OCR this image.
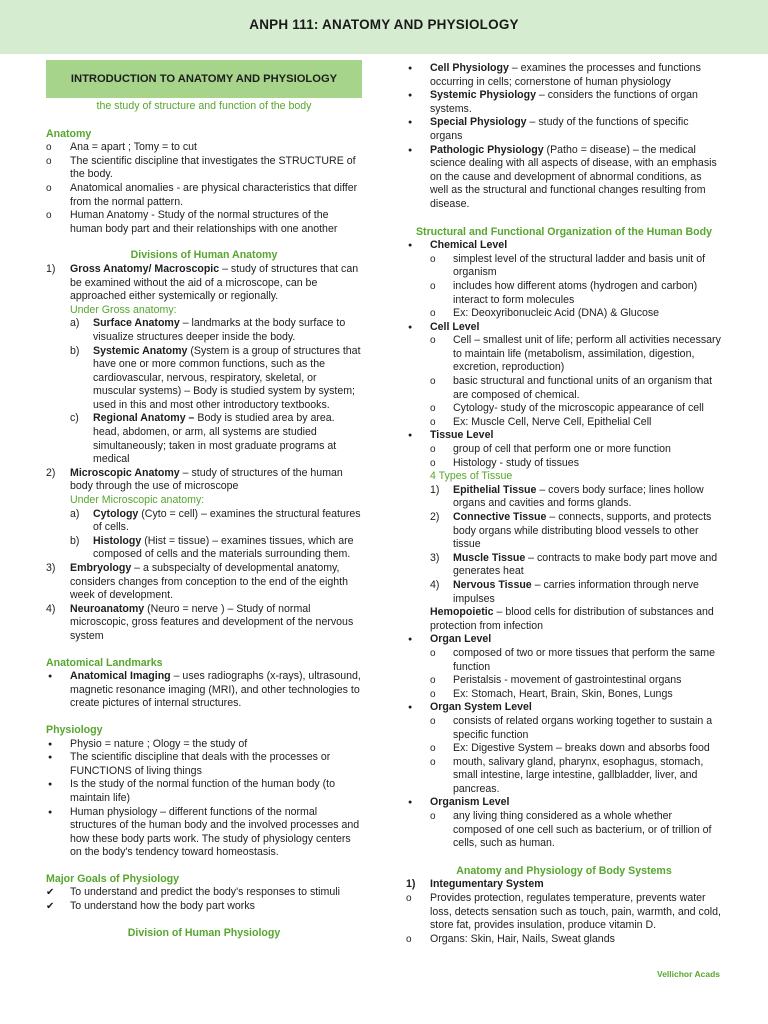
ANPH 111: ANATOMY AND PHYSIOLOGY
INTRODUCTION TO ANATOMY AND PHYSIOLOGY
the study of structure and function of the body
Anatomy
o
Ana = apart ; Tomy = to cut
o
The scientific discipline that investigates the STRUCTURE of the body.
o
Anatomical anomalies - are physical characteristics that differ from the normal pattern.
o
Human Anatomy - Study of the normal structures of the human body part and their relationships with one another
Divisions of Human Anatomy
1)	Gross Anatomy/ Macroscopic – study of structures that can be examined without the aid of a microscope, can be approached either systemically or regionally.
Under Gross anatomy:
a)	Surface Anatomy – landmarks at the body surface to visualize structures deeper inside the body.
b)	Systemic Anatomy (System is a group of structures that have one or more common functions, such as the cardiovascular, nervous, respiratory, skeletal, or muscular systems) – Body is studied system by system; used in this and most other introductory textbooks.
c)	Regional Anatomy – Body is studied area by area. head, abdomen, or arm, all systems are studied simultaneously; taken in most graduate programs at medical
2)	Microscopic Anatomy – study of structures of the human body through the use of microscope
Under Microscopic anatomy:
a)	Cytology (Cyto = cell) – examines the structural features of cells.
b)	Histology (Hist = tissue) – examines tissues, which are composed of cells and the materials surrounding them.
3)	Embryology – a subspecialty of developmental anatomy, considers changes from conception to the end of the eighth week of development.
4)	Neuroanatomy (Neuro = nerve ) – Study of normal microscopic, gross features and development of the nervous system
Anatomical Landmarks
●
Anatomical Imaging – uses radiographs (x-rays), ultrasound, magnetic resonance imaging (MRI), and other technologies to create pictures of internal structures.
Physiology
●
Physio = nature ; Ology = the study of
●
The scientific discipline that deals with the processes or FUNCTIONS of living things
●
Is the study of the normal function of the human body (to maintain life)
●
Human physiology – different functions of the normal structures of the human body and the involved processes and how these body parts work. The study of physiology centers on the body's tendency toward homeostasis.
Major Goals of Physiology
✔
To understand and predict the body's responses to stimuli
✔
To understand how the body part works
Division of Human Physiology
●
Cell Physiology – examines the processes and functions occurring in cells; cornerstone of human physiology
●
Systemic Physiology – considers the functions of organ systems.
●
Special Physiology – study of the functions of specific organs
●
Pathologic Physiology (Patho = disease) – the medical science dealing with all aspects of disease, with an emphasis on the cause and development of abnormal conditions, as well as the structural and functional changes resulting from disease.
Structural and Functional Organization of the Human Body
●
Chemical Level
o
simplest level of the structural ladder and basis unit of organism
o
includes how different atoms (hydrogen and carbon) interact to form molecules
o
Ex: Deoxyribonucleic Acid (DNA) & Glucose
●
Cell Level
o
Cell – smallest unit of life; perform all activities necessary to maintain life (metabolism, assimilation, digestion, excretion, reproduction)
o
basic structural and functional units of an organism that are composed of chemical.
o
Cytology- study of the microscopic appearance of cell
o
Ex: Muscle Cell, Nerve Cell, Epithelial Cell
●
Tissue Level
o
group of cell that perform one or more function
o
Histology - study of tissues
4 Types of Tissue
1)	Epithelial Tissue – covers body surface; lines hollow organs and cavities and forms glands.
2)	Connective Tissue – connects, supports, and protects body organs while distributing blood vessels to other tissue
3)	Muscle Tissue – contracts to make body part move and generates heat
4)	Nervous Tissue – carries information through nerve impulses
Hemopoietic – blood cells for distribution of substances and protection from infection
●
Organ Level
o
composed of two or more tissues that perform the same function
o
Peristalsis - movement of gastrointestinal organs
o
Ex: Stomach, Heart, Brain, Skin, Bones, Lungs
●
Organ System Level
o
consists of related organs working together to sustain a specific function
o
Ex: Digestive System – breaks down and absorbs food
o
mouth, salivary gland, pharynx, esophagus, stomach, small intestine, large intestine, gallbladder, liver, and pancreas.
●
Organism Level
o
any living thing considered as a whole whether composed of one cell such as bacterium, or of trillion of cells, such as human.
Anatomy and Physiology of Body Systems
1)	Integumentary System
o
Provides protection, regulates temperature, prevents water loss, detects sensation such as touch, pain, warmth, and cold, store fat, provides insulation, produce vitamin D.
o
Organs: Skin, Hair, Nails, Sweat glands
Vellichor Acads
